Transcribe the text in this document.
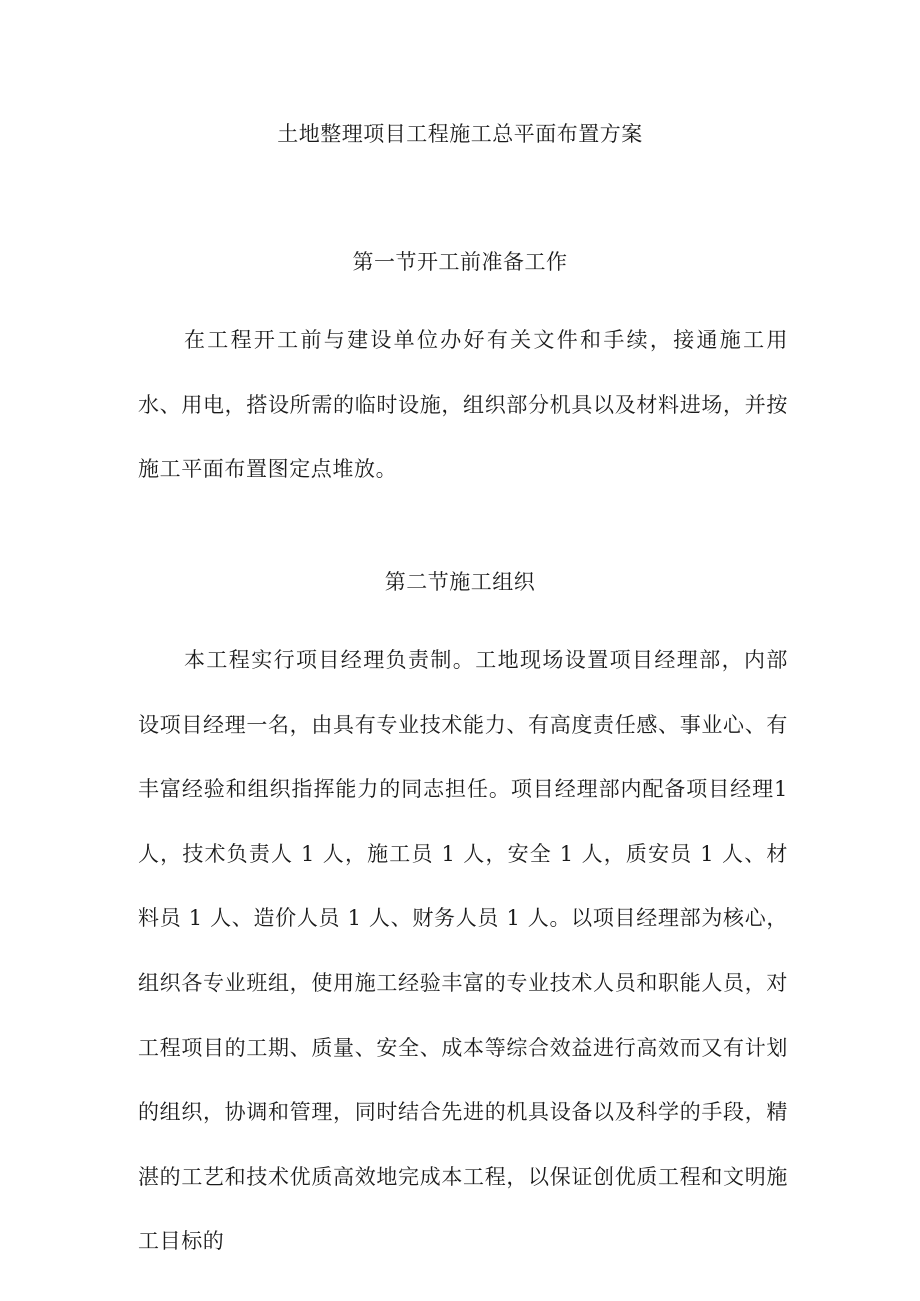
土地整理项目工程施工总平面布置方案
第一节开工前准备工作

在工程开工前与建设单位办好有关文件和手续，接通施工用水、用电，搭设所需的临时设施，组织部分机具以及材料进场，并按施工平面布置图定点堆放。

第二节施工组织

本工程实行项目经理负责制。工地现场设置项目经理部，内部设项目经理一名，由具有专业技术能力、有高度责任感、事业心、有丰富经验和组织指挥能力的同志担任。项目经理部内配备项目经理1人，技术负责人 1 人，施工员 1 人，安全 1 人，质安员 1 人、材料员 1 人、造价人员 1 人、财务人员 1 人。以项目经理部为核心，组织各专业班组，使用施工经验丰富的专业技术人员和职能人员，对工程项目的工期、质量、安全、成本等综合效益进行高效而又有计划的组织，协调和管理，同时结合先进的机具设备以及科学的手段，精湛的工艺和技术优质高效地完成本工程，以保证创优质工程和文明施工目标的
